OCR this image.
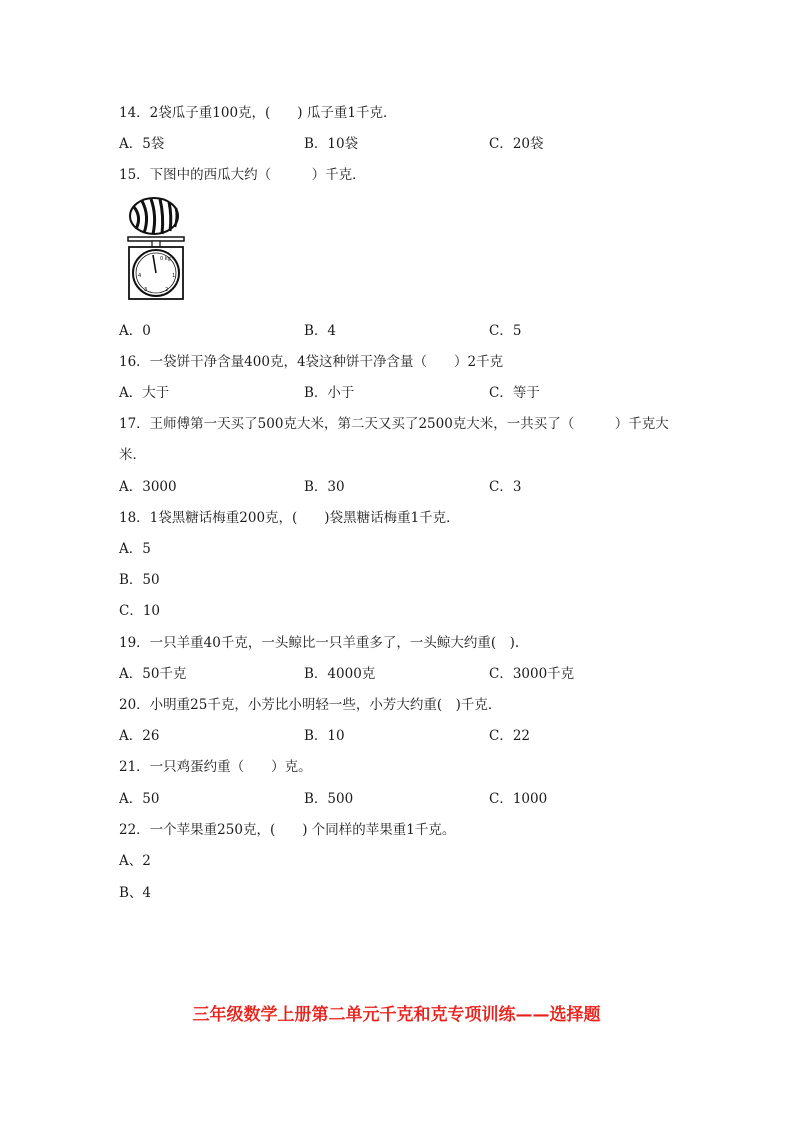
14．2袋瓜子重100克，(　　) 瓜子重1千克．
A．5袋	B．10袋	C．20袋
15．下图中的西瓜大约（　　　）千克．
0 kg
4	1
3	2
A．0	B．4	C．5
16．一袋饼干净含量400克，4袋这种饼干净含量（　　）2千克
A．大于	B．小于	C．等于
17．王师傅第一天买了500克大米，第二天又买了2500克大米，一共买了（　　　）千克大
米．
A．3000	B．30	C．3
18．1袋黑糖话梅重200克，(　　)袋黑糖话梅重1千克．
A．5
B．50
C．10
19．一只羊重40千克，一头鲸比一只羊重多了，一头鲸大约重(　).
A．50千克	B．4000克	C．3000千克
20．小明重25千克，小芳比小明轻一些，小芳大约重(　)千克．
A．26	B．10	C．22
21．一只鸡蛋约重（　　）克。
A．50	B．500	C．1000
22．一个苹果重250克，(　　) 个同样的苹果重1千克。
A、2
B、4
三年级数学上册第二单元千克和克专项训练——选择题
